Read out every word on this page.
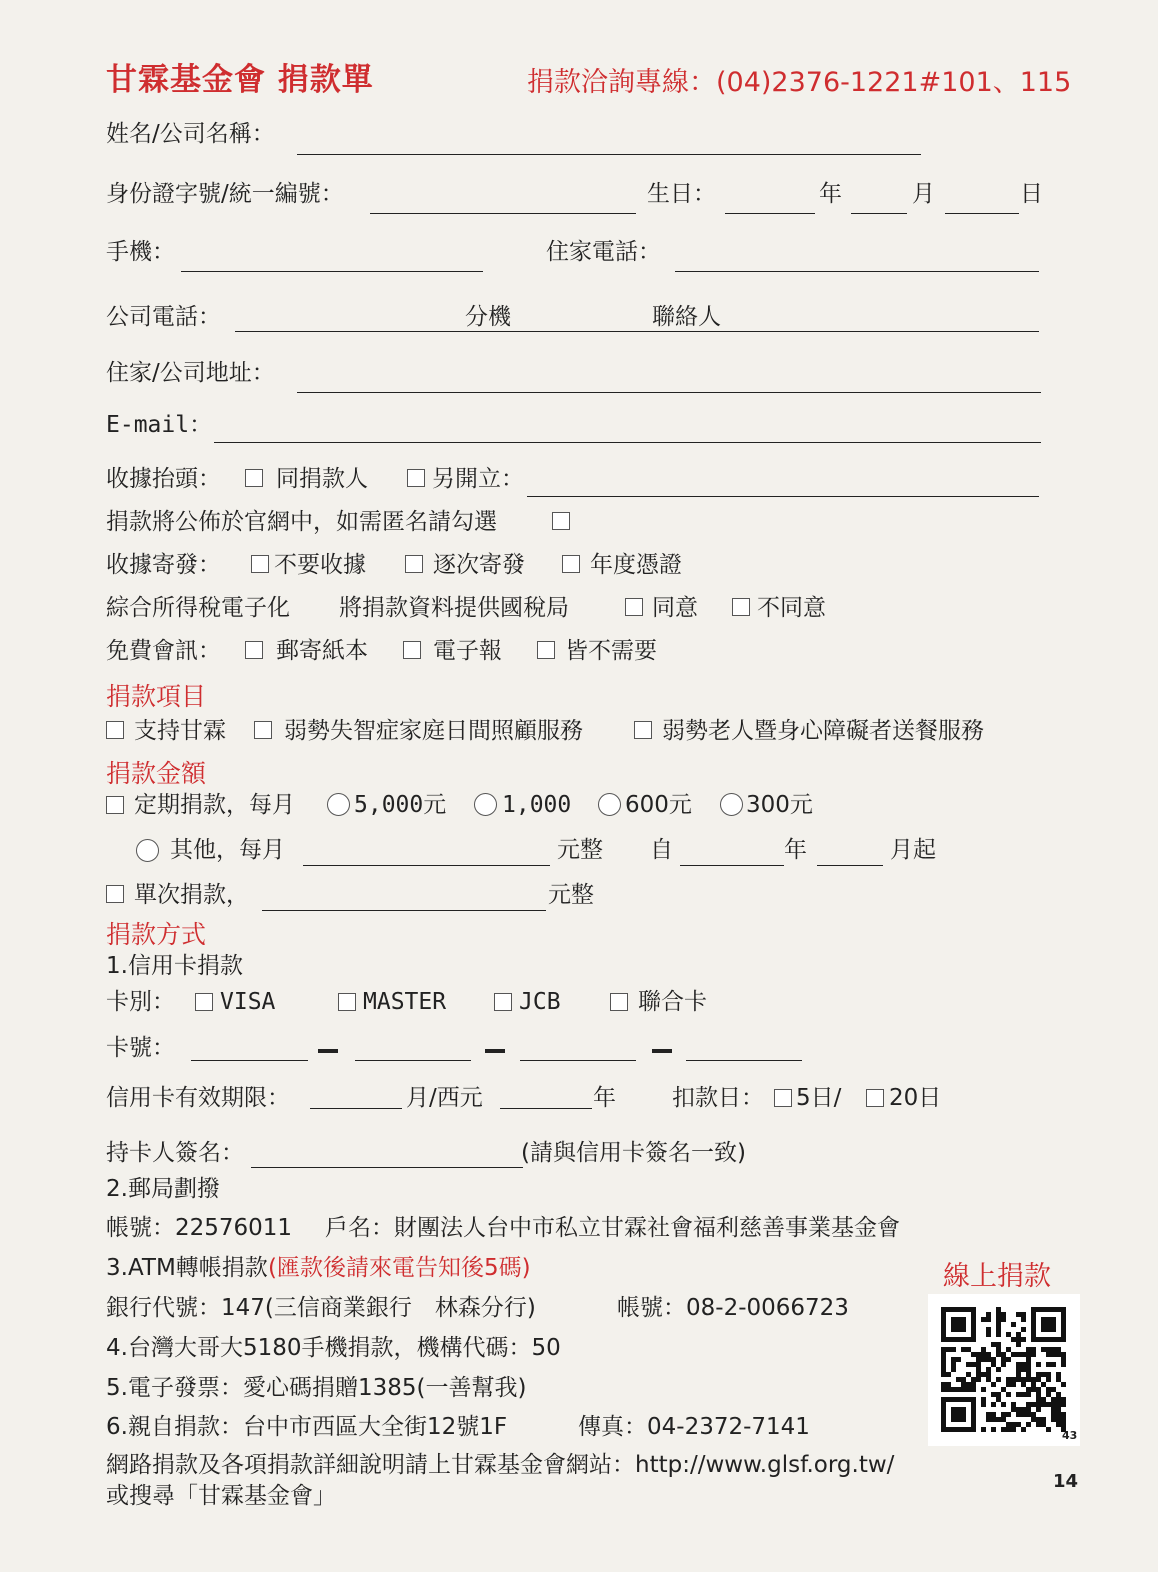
甘霖基金會 捐款單	捐款洽詢專線：(04)2376-1221#101、115
姓名/公司名稱：
身份證字號/統一編號：	生日：	年	月	日
手機：	住家電話：
公司電話：	分機	聯絡人
住家/公司地址：
E-mail：
收據抬頭： 同捐款人	另開立：
捐款將公佈於官網中，如需匿名請勾選
收據寄發： 不要收據	逐次寄發	年度憑證
綜合所得稅電子化 將捐款資料提供國稅局	同意	不同意
免費會訊： 郵寄紙本	電子報	皆不需要
捐款項目
支持甘霖	弱勢失智症家庭日間照顧服務	弱勢老人暨身心障礙者送餐服務
捐款金額
定期捐款，每月	5,000元 1,000 600元 300元
其他，每月	元整 自	年	月起
單次捐款，	元整
捐款方式
1.信用卡捐款
卡別： VISA	MASTER	JCB	聯合卡
卡號：
信用卡有效期限：	月/西元	年 扣款日： 5日/ 20日
持卡人簽名：	(請與信用卡簽名一致)
2.郵局劃撥
帳號：22576011 戶名：財團法人台中市私立甘霖社會福利慈善事業基金會
3.ATM轉帳捐款 (匯款後請來電告知後5碼)
銀行代號：147(三信商業銀行　林森分行)	帳號：08-2-0066723
4.台灣大哥大5180手機捐款，機構代碼：50
5.電子發票：愛心碼捐贈1385(一善幫我)
6.親自捐款：台中市西區大全街12號1F	傳真：04-2372-7141
網路捐款及各項捐款詳細說明請上甘霖基金會網站：http://www.glsf.org.tw/
或搜尋「甘霖基金會」
線上捐款
43
14
